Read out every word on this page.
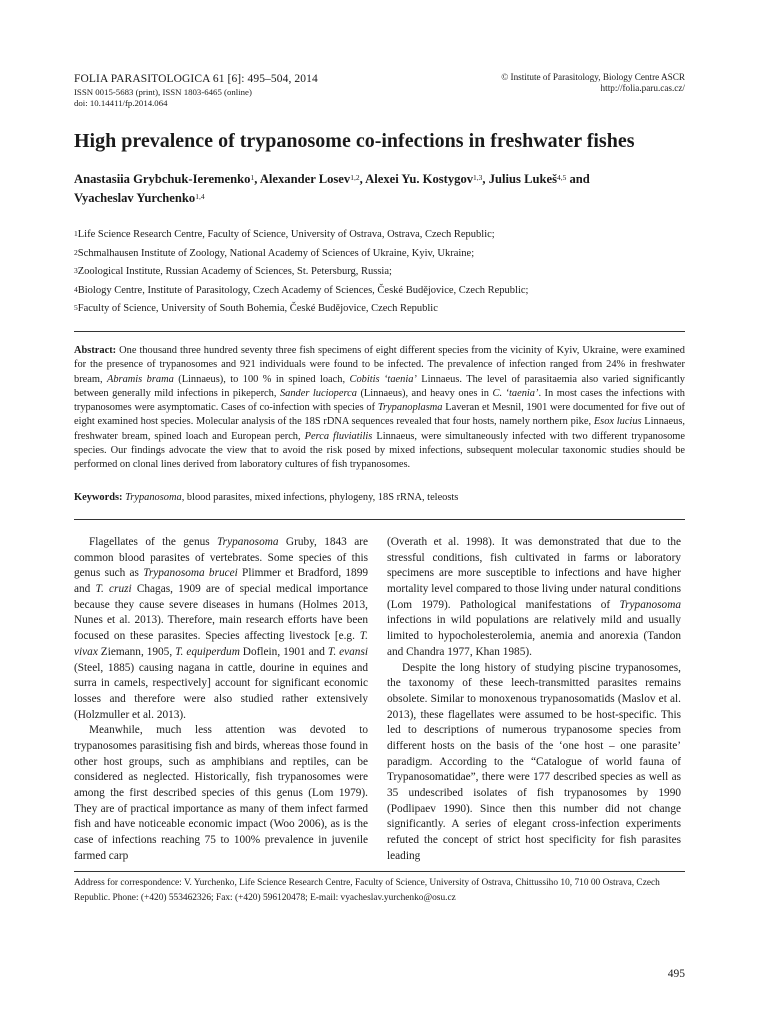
FOLIA PARASITOLOGICA 61 [6]: 495–504, 2014
ISSN 0015-5683 (print), ISSN 1803-6465 (online)
doi: 10.14411/fp.2014.064
© Institute of Parasitology, Biology Centre ASCR
http://folia.paru.cas.cz/
High prevalence of trypanosome co-infections in freshwater fishes
Anastasiia Grybchuk-Ieremenko$^1$, Alexander Losev$^{1,2}$, Alexei Yu. Kostygov$^{1,3}$, Julius Lukeš$^{4,5}$ and
Vyacheslav Yurchenko$^{1,4}$
$^1$Life Science Research Centre, Faculty of Science, University of Ostrava, Ostrava, Czech Republic;
$^2$Schmalhausen Institute of Zoology, National Academy of Sciences of Ukraine, Kyiv, Ukraine;
$^3$Zoological Institute, Russian Academy of Sciences, St. Petersburg, Russia;
$^4$Biology Centre, Institute of Parasitology, Czech Academy of Sciences, České Budějovice, Czech Republic;
$^5$Faculty of Science, University of South Bohemia, České Budějovice, Czech Republic

Abstract: One thousand three hundred seventy three fish specimens of eight different species from the vicinity of Kyiv, Ukraine, were examined for the presence of trypanosomes and 921 individuals were found to be infected. The prevalence of infection ranged from 24% in freshwater bream, Abramis brama (Linnaeus), to 100 % in spined loach, Cobitis ‘taenia’ Linnaeus. The level of parasitaemia also varied significantly between generally mild infections in pikeperch, Sander lucioperca (Linnaeus), and heavy ones in C. ‘taenia’. In most cases the infections with trypanosomes were asymptomatic. Cases of co-infection with species of Trypanoplasma Laveran et Mesnil, 1901 were documented for five out of eight examined host species. Molecular analysis of the 18S rDNA sequences revealed that four hosts, namely northern pike, Esox lucius Linnaeus, freshwater bream, spined loach and European perch, Perca fluviatilis Linnaeus, were simultaneously infected with two different trypanosome species. Our findings advocate the view that to avoid the risk posed by mixed infections, subsequent molecular taxonomic studies should be performed on clonal lines derived from laboratory cultures of fish trypanosomes.

Keywords: Trypanosoma, blood parasites, mixed infections, phylogeny, 18S rRNA, teleosts

Flagellates of the genus Trypanosoma Gruby, 1843 are common blood parasites of vertebrates. Some species of this genus such as Trypanosoma brucei Plimmer et Bradford, 1899 and T. cruzi Chagas, 1909 are of special medical importance because they cause severe diseases in humans (Holmes 2013, Nunes et al. 2013). Therefore, main research efforts have been focused on these parasites. Species affecting livestock [e.g. T. vivax Ziemann, 1905, T. equiperdum Doflein, 1901 and T. evansi (Steel, 1885) causing nagana in cattle, dourine in equines and surra in camels, respectively] account for significant economic losses and therefore were also studied rather extensively (Holzmuller et al. 2013).

Meanwhile, much less attention was devoted to trypanosomes parasitising fish and birds, whereas those found in other host groups, such as amphibians and reptiles, can be considered as neglected. Historically, fish trypanosomes were among the first described species of this genus (Lom 1979). They are of practical importance as many of them infect farmed fish and have noticeable economic impact (Woo 2006), as is the case of infections reaching 75 to 100% prevalence in juvenile farmed carp

(Overath et al. 1998). It was demonstrated that due to the stressful conditions, fish cultivated in farms or laboratory specimens are more susceptible to infections and have higher mortality level compared to those living under natural conditions (Lom 1979). Pathological manifestations of Trypanosoma infections in wild populations are relatively mild and usually limited to hypocholesterolemia, anemia and anorexia (Tandon and Chandra 1977, Khan 1985).

Despite the long history of studying piscine trypanosomes, the taxonomy of these leech-transmitted parasites remains obsolete. Similar to monoxenous trypanosomatids (Maslov et al. 2013), these flagellates were assumed to be host-specific. This led to descriptions of numerous trypanosome species from different hosts on the basis of the ‘one host – one parasite’ paradigm. According to the “Catalogue of world fauna of Trypanosomatidae”, there were 177 described species as well as 35 undescribed isolates of fish trypanosomes by 1990 (Podlipaev 1990). Since then this number did not change significantly. A series of elegant cross-infection experiments refuted the concept of strict host specificity for fish parasites leading

Address for correspondence: V. Yurchenko, Life Science Research Centre, Faculty of Science, University of Ostrava, Chittussiho 10, 710 00 Ostrava, Czech Republic. Phone: (+420) 553462326; Fax: (+420) 596120478; E-mail: vyacheslav.yurchenko@osu.cz

495
